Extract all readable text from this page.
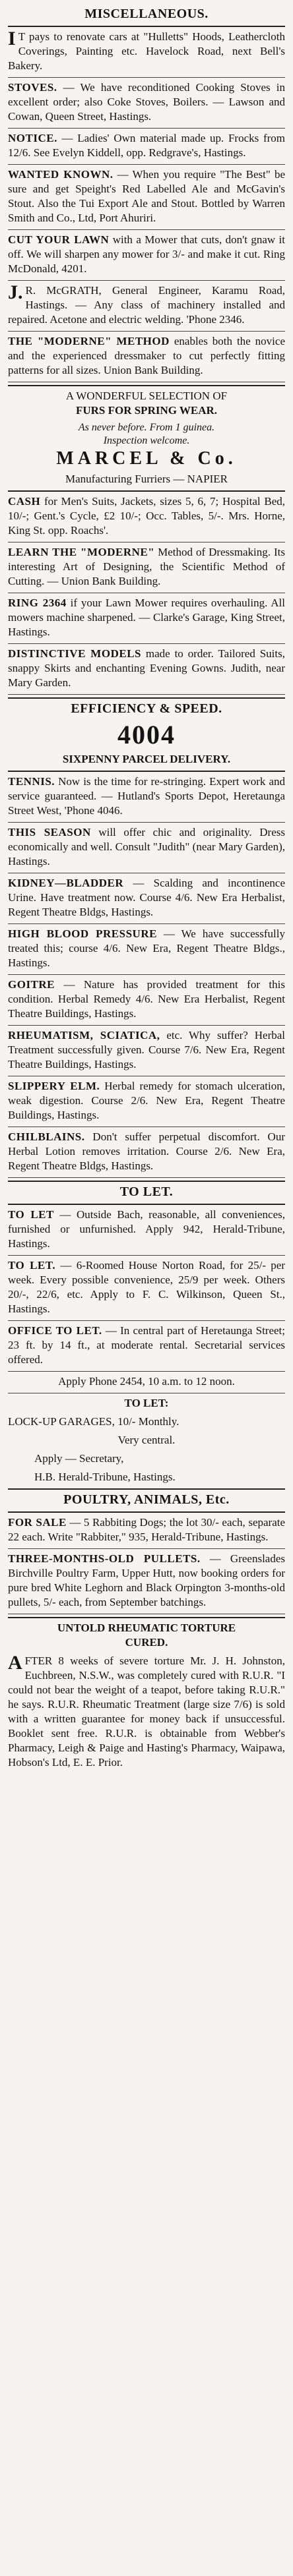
MISCELLANEOUS.
I T pays to renovate cars at "Hulletts" Hoods, Leathercloth Coverings, Painting etc. Havelock Road, next Bell's Bakery.
STOVES. — We have reconditioned Cooking Stoves in excellent order; also Coke Stoves, Boilers. — Lawson and Cowan, Queen Street, Hastings.
NOTICE. — Ladies' Own material made up. Frocks from 12/6. See Evelyn Kiddell, opp. Redgrave's, Hastings.
WANTED KNOWN. — When you require "The Best" be sure and get Speight's Red Labelled Ale and McGavin's Stout. Also the Tui Export Ale and Stout. Bottled by Warren Smith and Co., Ltd, Port Ahuriri.
CUT YOUR LAWN with a Mower that cuts, don't gnaw it off. We will sharpen any mower for 3/- and make it cut. Ring McDonald, 4201.
J. R. McGRATH, General Engineer, Karamu Road, Hastings. — Any class of machinery installed and repaired. Acetone and electric welding. 'Phone 2346.
THE "MODERNE" METHOD enables both the novice and the experienced dressmaker to cut perfectly fitting patterns for all sizes. Union Bank Building.
A WONDERFUL SELECTION OF
FURS FOR SPRING WEAR.
As never before. From 1 guinea.
Inspection welcome.
MARCEL & Co.
Manufacturing Furriers — NAPIER
CASH for Men's Suits, Jackets, sizes 5, 6, 7; Hospital Bed, 10/-; Gent.'s Cycle, £2 10/-; Occ. Tables, 5/-. Mrs. Horne, King St. opp. Roachs'.
LEARN THE "MODERNE" Method of Dressmaking. Its interesting Art of Designing, the Scientific Method of Cutting. — Union Bank Building.
RING 2364 if your Lawn Mower requires overhauling. All mowers machine sharpened. — Clarke's Garage, King Street, Hastings.
DISTINCTIVE MODELS made to order. Tailored Suits, snappy Skirts and enchanting Evening Gowns. Judith, near Mary Garden.
EFFICIENCY & SPEED.
4004
SIXPENNY PARCEL DELIVERY.
TENNIS. Now is the time for re-stringing. Expert work and service guaranteed. — Hutland's Sports Depot, Heretaunga Street West, 'Phone 4046.
THIS SEASON will offer chic and originality. Dress economically and well. Consult "Judith" (near Mary Garden), Hastings.
KIDNEY—BLADDER — Scalding and incontinence Urine. Have treatment now. Course 4/6. New Era Herbalist, Regent Theatre Bldgs, Hastings.
HIGH BLOOD PRESSURE — We have successfully treated this; course 4/6. New Era, Regent Theatre Bldgs., Hastings.
GOITRE — Nature has provided treatment for this condition. Herbal Remedy 4/6. New Era Herbalist, Regent Theatre Buildings, Hastings.
RHEUMATISM, SCIATICA, etc. Why suffer? Herbal Treatment successfully given. Course 7/6. New Era, Regent Theatre Buildings, Hastings.
SLIPPERY ELM. Herbal remedy for stomach ulceration, weak digestion. Course 2/6. New Era, Regent Theatre Buildings, Hastings.
CHILBLAINS. Don't suffer perpetual discomfort. Our Herbal Lotion removes irritation. Course 2/6. New Era, Regent Theatre Bldgs, Hastings.
TO LET.
TO LET — Outside Bach, reasonable, all conveniences, furnished or unfurnished. Apply 942, Herald-Tribune, Hastings.
TO LET. — 6-Roomed House Norton Road, for 25/- per week. Every possible convenience, 25/9 per week. Others 20/-, 22/6, etc. Apply to F. C. Wilkinson, Queen St., Hastings.
OFFICE TO LET. — In central part of Heretaunga Street; 23 ft. by 14 ft., at moderate rental. Secretarial services offered.
Apply Phone 2454, 10 a.m. to 12 noon.
TO LET:
LOCK-UP GARAGES, 10/- Monthly.
Very central.
Apply — Secretary,
H.B. Herald-Tribune, Hastings.
POULTRY, ANIMALS, Etc.
FOR SALE — 5 Rabbiting Dogs; the lot 30/- each, separate 22 each. Write "Rabbiter," 935, Herald-Tribune, Hastings.
THREE-MONTHS-OLD PULLETS. — Greenslades Birchville Poultry Farm, Upper Hutt, now booking orders for pure bred White Leghorn and Black Orpington 3-months-old pullets, 5/- each, from September batchings.
UNTOLD RHEUMATIC TORTURE
CURED.
AFTER 8 weeks of severe torture Mr. J. H. Johnston, Euchbreen, N.S.W., was completely cured with R.U.R. "I could not bear the weight of a teapot, before taking R.U.R." he says. R.U.R. Rheumatic Treatment (large size 7/6) is sold with a written guarantee for money back if unsuccessful. Booklet sent free. R.U.R. is obtainable from Webber's Pharmacy, Leigh & Paige and Hasting's Pharmacy, Waipawa, Hobson's Ltd, E. E. Prior.
